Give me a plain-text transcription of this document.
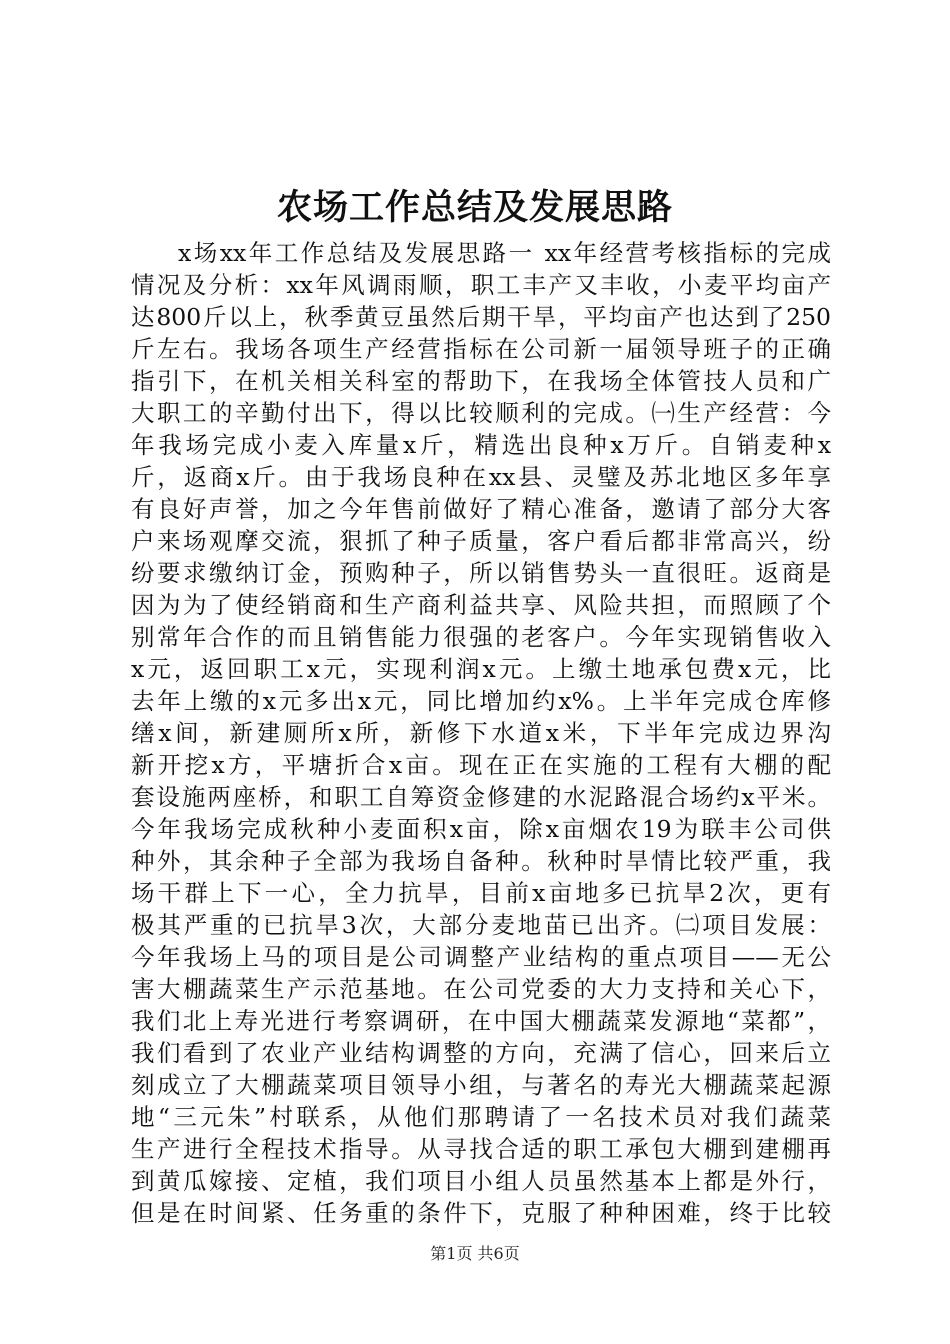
农场工作总结及发展思路
x场xx年工作总结及发展思路一 xx年经营考核指标的完成
情况及分析：xx年风调雨顺，职工丰产又丰收，小麦平均亩产
达800斤以上，秋季黄豆虽然后期干旱，平均亩产也达到了250
斤左右。我场各项生产经营指标在公司新一届领导班子的正确
指引下，在机关相关科室的帮助下，在我场全体管技人员和广
大职工的辛勤付出下，得以比较顺利的完成。㈠生产经营：今
年我场完成小麦入库量x斤，精选出良种x万斤。自销麦种x
斤，返商x斤。由于我场良种在xx县、灵璧及苏北地区多年享
有良好声誉，加之今年售前做好了精心准备，邀请了部分大客
户来场观摩交流，狠抓了种子质量，客户看后都非常高兴，纷
纷要求缴纳订金，预购种子，所以销售势头一直很旺。返商是
因为为了使经销商和生产商利益共享、风险共担，而照顾了个
别常年合作的而且销售能力很强的老客户。今年实现销售收入
x元，返回职工x元，实现利润x元。上缴土地承包费x元，比
去年上缴的x元多出x元，同比增加约x%。上半年完成仓库修
缮x间，新建厕所x所，新修下水道x米，下半年完成边界沟
新开挖x方，平塘折合x亩。现在正在实施的工程有大棚的配
套设施两座桥，和职工自筹资金修建的水泥路混合场约x平米。
今年我场完成秋种小麦面积x亩，除x亩烟农19为联丰公司供
种外，其余种子全部为我场自备种。秋种时旱情比较严重，我
场干群上下一心，全力抗旱，目前x亩地多已抗旱2次，更有
极其严重的已抗旱3次，大部分麦地苗已出齐。㈡项目发展：
今年我场上马的项目是公司调整产业结构的重点项目——无公
害大棚蔬菜生产示范基地。在公司党委的大力支持和关心下，
我们北上寿光进行考察调研，在中国大棚蔬菜发源地“菜都”，
我们看到了农业产业结构调整的方向，充满了信心，回来后立
刻成立了大棚蔬菜项目领导小组，与著名的寿光大棚蔬菜起源
地“三元朱”村联系，从他们那聘请了一名技术员对我们蔬菜
生产进行全程技术指导。从寻找合适的职工承包大棚到建棚再
到黄瓜嫁接、定植，我们项目小组人员虽然基本上都是外行，
但是在时间紧、任务重的条件下，克服了种种困难，终于比较
第1页 共6页
